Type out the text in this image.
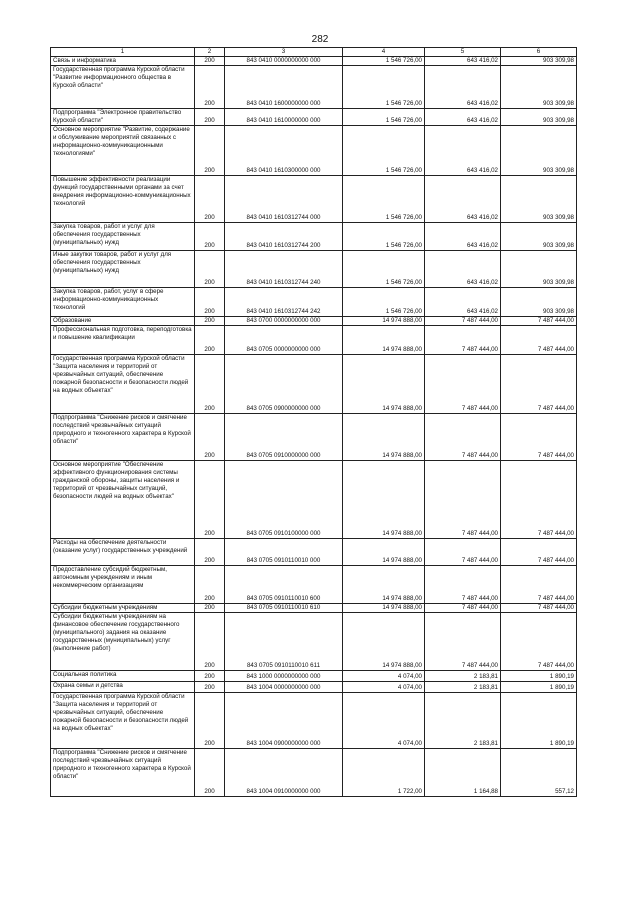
282
1	2	3	4	5	6
Связь и информатика	200	843 0410 0000000000 000	1 546 726,00	643 416,02	903 309,98
Государственная программа Курской области "Развитие информационного общества в Курской области"	200	843 0410 1600000000 000	1 546 726,00	643 416,02	903 309,98
Подпрограмма "Электронное правительство Курской области"	200	843 0410 1610000000 000	1 546 726,00	643 416,02	903 309,98
Основное мероприятие "Развитие, содержание и обслуживание мероприятий связанных с информационно-коммуникационными технологиями"	200	843 0410 1610300000 000	1 546 726,00	643 416,02	903 309,98
Повышение эффективности реализации функций государственными органами за счет внедрения информационно-коммуникационных технологий	200	843 0410 1610312744 000	1 546 726,00	643 416,02	903 309,98
Закупка товаров, работ и услуг для обеспечения государственных (муниципальных) нужд	200	843 0410 1610312744 200	1 546 726,00	643 416,02	903 309,98
Иные закупки товаров, работ и услуг для обеспечения государственных (муниципальных) нужд	200	843 0410 1610312744 240	1 546 726,00	643 416,02	903 309,98
Закупка товаров, работ, услуг в сфере информационно-коммуникационных технологий	200	843 0410 1610312744 242	1 546 726,00	643 416,02	903 309,98
Образование	200	843 0700 0000000000 000	14 974 888,00	7 487 444,00	7 487 444,00
Профессиональная подготовка, переподготовка и повышение квалификации	200	843 0705 0000000000 000	14 974 888,00	7 487 444,00	7 487 444,00
Государственная программа Курской области "Защита населения и территорий от чрезвычайных ситуаций, обеспечение пожарной безопасности и безопасности людей на водных объектах"	200	843 0705 0900000000 000	14 974 888,00	7 487 444,00	7 487 444,00
Подпрограмма "Снижение рисков и смягчение последствий чрезвычайных ситуаций природного и техногенного характера в Курской области"	200	843 0705 0910000000 000	14 974 888,00	7 487 444,00	7 487 444,00
Основное мероприятие "Обеспечение эффективного функционирования системы гражданской обороны, защиты населения и территорий от чрезвычайных ситуаций, безопасности людей на водных объектах"	200	843 0705 0910100000 000	14 974 888,00	7 487 444,00	7 487 444,00
Расходы на обеспечение деятельности (оказание услуг) государственных учреждений	200	843 0705 0910110010 000	14 974 888,00	7 487 444,00	7 487 444,00
Предоставление субсидий бюджетным, автономным учреждениям и иным некоммерческим организациям	200	843 0705 0910110010 600	14 974 888,00	7 487 444,00	7 487 444,00
Субсидии бюджетным учреждениям	200	843 0705 0910110010 610	14 974 888,00	7 487 444,00	7 487 444,00
Субсидии бюджетным учреждениям на финансовое обеспечение государственного (муниципального) задания на оказание государственных (муниципальных) услуг (выполнение работ)	200	843 0705 0910110010 611	14 974 888,00	7 487 444,00	7 487 444,00
Социальная политика	200	843 1000 0000000000 000	4 074,00	2 183,81	1 890,19
Охрана семьи и детства	200	843 1004 0000000000 000	4 074,00	2 183,81	1 890,19
Государственная программа Курской области "Защита населения и территорий от чрезвычайных ситуаций, обеспечение пожарной безопасности и безопасности людей на водных объектах"	200	843 1004 0900000000 000	4 074,00	2 183,81	1 890,19
Подпрограмма "Снижение рисков и смягчение последствий чрезвычайных ситуаций природного и техногенного характера в Курской области"	200	843 1004 0910000000 000	1 722,00	1 164,88	557,12
